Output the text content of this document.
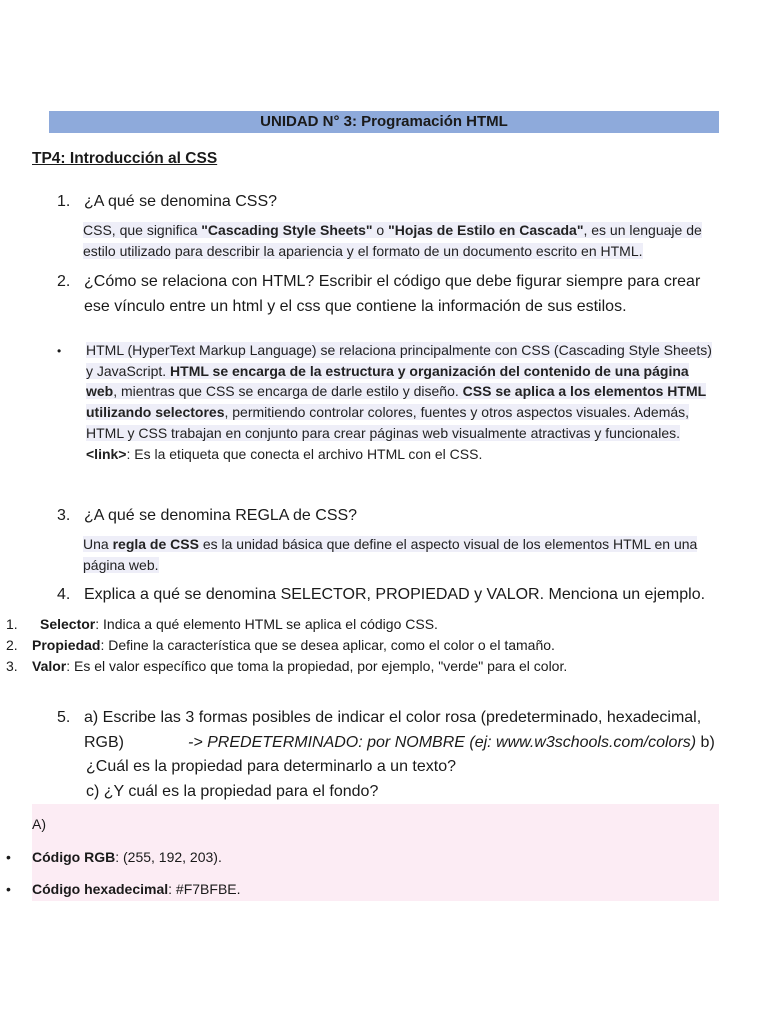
UNIDAD N° 3: Programación HTML
TP4: Introducción al CSS
1. ¿A qué se denomina CSS?
CSS, que significa "Cascading Style Sheets" o "Hojas de Estilo en Cascada", es un lenguaje de estilo utilizado para describir la apariencia y el formato de un documento escrito en HTML.
2. ¿Cómo se relaciona con HTML? Escribir el código que debe figurar siempre para crear ese vínculo entre un html y el css que contiene la información de sus estilos.
• HTML (HyperText Markup Language) se relaciona principalmente con CSS (Cascading Style Sheets) y JavaScript. HTML se encarga de la estructura y organización del contenido de una página web, mientras que CSS se encarga de darle estilo y diseño. CSS se aplica a los elementos HTML utilizando selectores, permitiendo controlar colores, fuentes y otros aspectos visuales. Además, HTML y CSS trabajan en conjunto para crear páginas web visualmente atractivas y funcionales. <link>: Es la etiqueta que conecta el archivo HTML con el CSS.
3. ¿A qué se denomina REGLA de CSS?
Una regla de CSS es la unidad básica que define el aspecto visual de los elementos HTML en una página web.
4. Explica a qué se denomina SELECTOR, PROPIEDAD y VALOR. Menciona un ejemplo.
1.	Selector: Indica a qué elemento HTML se aplica el código CSS.
2.	Propiedad: Define la característica que se desea aplicar, como el color o el tamaño.
3.	Valor: Es el valor específico que toma la propiedad, por ejemplo, "verde" para el color.
5. a) Escribe las 3 formas posibles de indicar el color rosa (predeterminado, hexadecimal,
RGB)	-> PREDETERMINADO: por NOMBRE (ej: www.w3schools.com/colors) b)
¿Cuál es la propiedad para determinarlo a un texto?
c) ¿Y cuál es la propiedad para el fondo?
A)
• Código RGB: (255, 192, 203).
• Código hexadecimal: #F7BFBE.
